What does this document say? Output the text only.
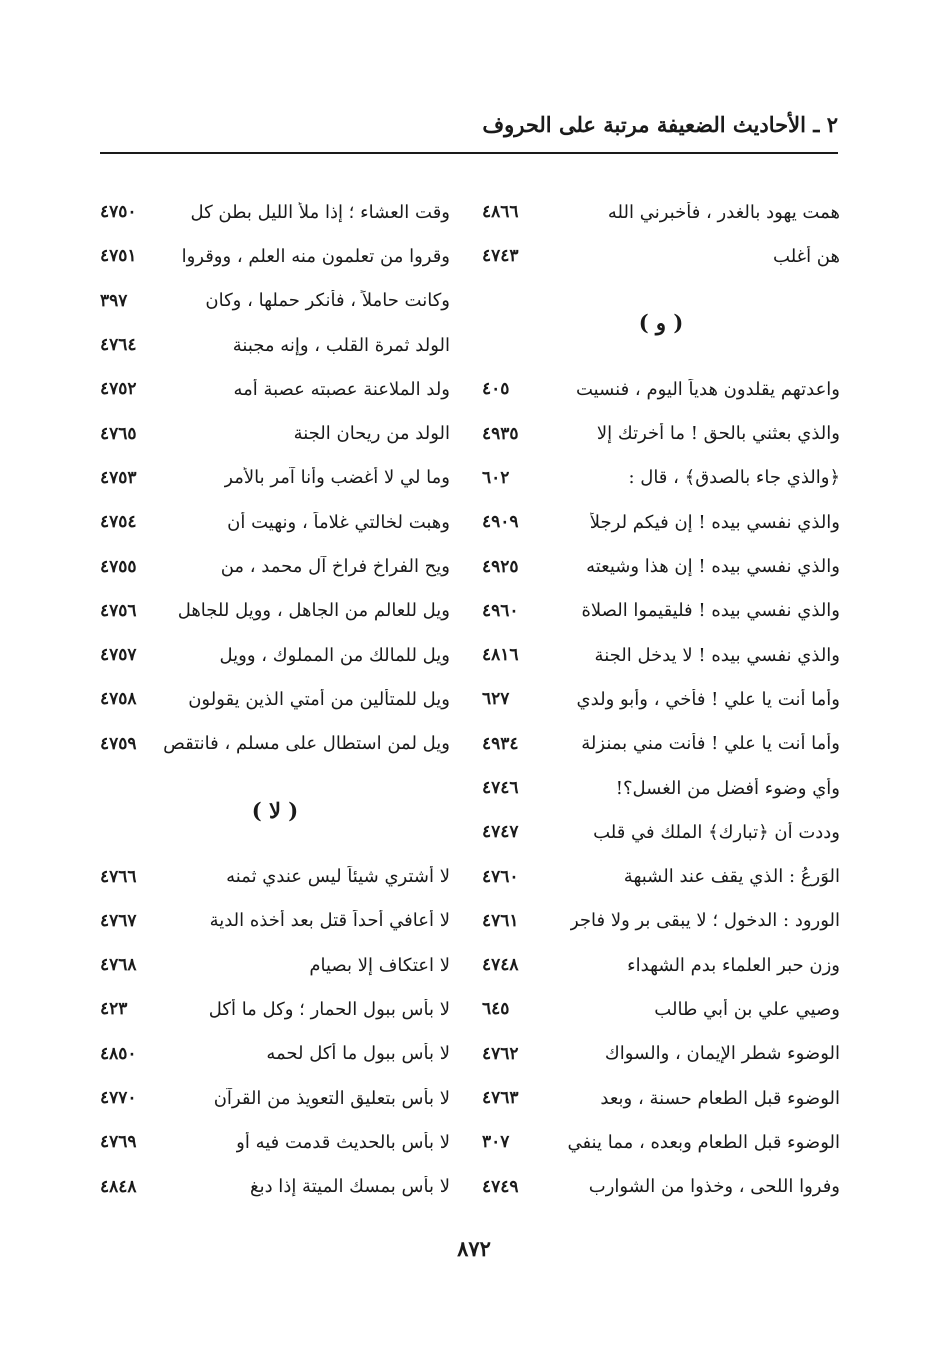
٢ ـ الأحاديث الضعيفة مرتبة على الحروف
همت يهود بالغدر ، فأخبرني الله
٤٨٦٦
هن أغلب
٤٧٤٣
( و )
واعدتهم يقلدون هدياً اليوم ، فنسيت
٤٠٥
والذي بعثني بالحق ! ما أخرتك إلا
٤٩٣٥
﴿والذي جاء بالصدق﴾ ، قال :
٦٠٢
والذي نفسي بيده ! إن فيكم لرجلاً
٤٩٠٩
والذي نفسي بيده ! إن هذا وشيعته
٤٩٢٥
والذي نفسي بيده ! فليقيموا الصلاة
٤٩٦٠
والذي نفسي بيده ! لا يدخل الجنة
٤٨١٦
وأما أنت يا علي ! فأخي ، وأبو ولدي
٦٢٧
وأما أنت يا علي ! فأنت مني بمنزلة
٤٩٣٤
وأي وضوء أفضل من الغسل؟!
٤٧٤٦
وددت أن ﴿تبارك﴾ الملك في قلب
٤٧٤٧
الوَرِعُ : الذي يقف عند الشبهة
٤٧٦٠
الورود : الدخول ؛ لا يبقى بر ولا فاجر
٤٧٦١
وزن حبر العلماء بدم الشهداء
٤٧٤٨
وصيي علي بن أبي طالب
٦٤٥
الوضوء شطر الإيمان ، والسواك
٤٧٦٢
الوضوء قبل الطعام حسنة ، وبعد
٤٧٦٣
الوضوء قبل الطعام وبعده ، مما ينفي
٣٠٧
وفروا اللحى ، وخذوا من الشوارب
٤٧٤٩
وقت العشاء ؛ إذا ملأ الليل بطن كل
٤٧٥٠
وقروا من تعلمون منه العلم ، ووقروا
٤٧٥١
وكانت حاملاً ، فأنكر حملها ، وكان
٣٩٧
الولد ثمرة القلب ، وإنه مجبنة
٤٧٦٤
ولد الملاعنة عصبته عصبة أمه
٤٧٥٢
الولد من ريحان الجنة
٤٧٦٥
وما لي لا أغضب وأنا آمر بالأمر
٤٧٥٣
وهبت لخالتي غلاماً ، ونهيت أن
٤٧٥٤
ويح الفراخ فراخ آل محمد ، من
٤٧٥٥
ويل للعالم من الجاهل ، وويل للجاهل
٤٧٥٦
ويل للمالك من المملوك ، وويل
٤٧٥٧
ويل للمتألين من أمتي الذين يقولون
٤٧٥٨
ويل لمن استطال على مسلم ، فانتقص
٤٧٥٩
( لا )
لا أشتري شيئاً ليس عندي ثمنه
٤٧٦٦
لا أعافي أحداً قتل بعد أخذه الدية
٤٧٦٧
لا اعتكاف إلا بصيام
٤٧٦٨
لا بأس ببول الحمار ؛ وكل ما أكل
٤٢٣
لا بأس ببول ما أكل لحمه
٤٨٥٠
لا بأس بتعليق التعويذ من القرآن
٤٧٧٠
لا بأس بالحديث قدمت فيه أو
٤٧٦٩
لا بأس بمسك الميتة إذا دبغ
٤٨٤٨
٨٧٢
